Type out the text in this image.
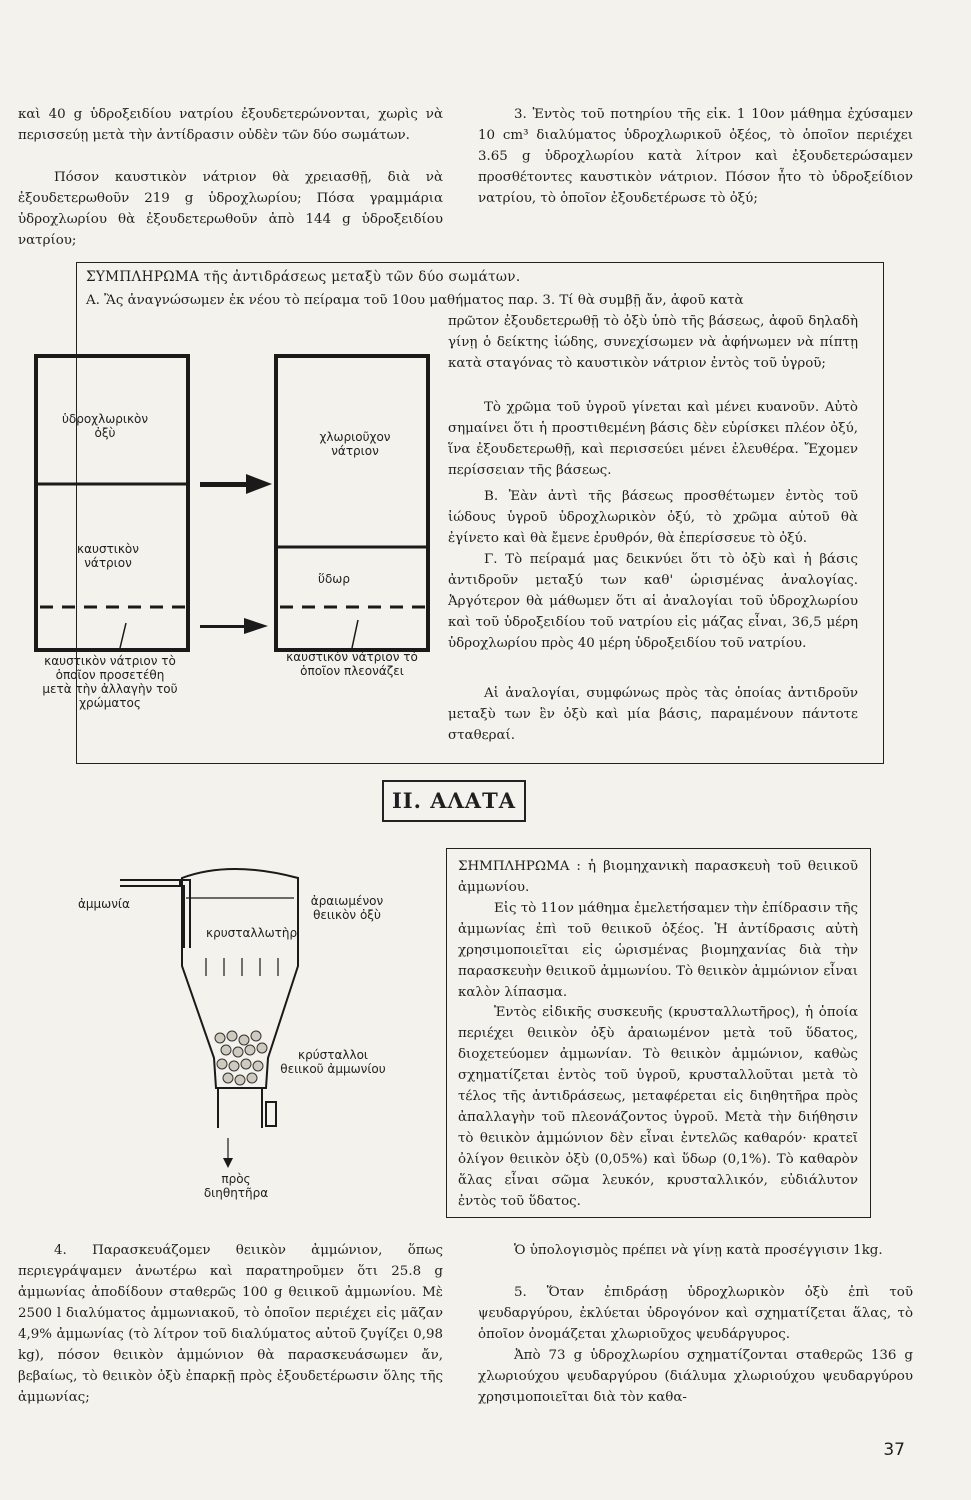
καὶ 40 g ὑδροξειδίου νατρίου ἐξουδετερώνονται, χωρὶς νὰ περισσεύῃ μετὰ τὴν ἀντίδρασιν οὐδὲν τῶν δύο σωμάτων.

Πόσον καυστικὸν νάτριον θὰ χρειασθῇ, διὰ νὰ ἐξουδετερωθοῦν 219 g ὑδροχλωρίου; Πόσα γραμμάρια ὑδροχλωρίου θὰ ἐξουδετερωθοῦν ἀπὸ 144 g ὑδροξειδίου νατρίου;

3. Ἐντὸς τοῦ ποτηρίου τῆς εἰκ. 1 10ον μάθημα ἐχύσαμεν 10 cm³ διαλύματος ὑδροχλωρικοῦ ὀξέος, τὸ ὁποῖον περιέχει 3.65 g ὑδροχλωρίου κατὰ λίτρον καὶ ἐξουδετερώσαμεν προσθέτοντες καυστικὸν νάτριον. Πόσον ἦτο τὸ ὑδροξείδιον νατρίου, τὸ ὁποῖον ἐξουδετέρωσε τὸ ὀξύ;

ΣΥΜΠΛΗΡΩΜΑ τῆς ἀντιδράσεως μεταξὺ τῶν δύο σωμάτων.

Α. Ἂς ἀναγνώσωμεν ἐκ νέου τὸ πείραμα τοῦ 10ου μαθήματος παρ. 3. Τί θὰ συμβῇ ἄν, ἀφοῦ κατὰ

πρῶτον ἐξουδετερωθῇ τὸ ὀξὺ ὑπὸ τῆς βάσεως, ἀφοῦ δηλαδὴ γίνῃ ὁ δείκτης ἰώδης, συνεχίσωμεν νὰ ἀφήνωμεν νὰ πίπτῃ κατὰ σταγόνας τὸ καυστικὸν νάτριον ἐντὸς τοῦ ὑγροῦ;

Τὸ χρῶμα τοῦ ὑγροῦ γίνεται καὶ μένει κυανοῦν. Αὐτὸ σημαίνει ὅτι ἡ προστιθεμένη βάσις δὲν εὑρίσκει πλέον ὀξύ, ἵνα ἐξουδετερωθῇ, καὶ περισσεύει μένει ἐλευθέρα. Ἔχομεν περίσσειαν τῆς βάσεως.

Β. Ἐὰν ἀντὶ τῆς βάσεως προσθέτωμεν ἐντὸς τοῦ ἰώδους ὑγροῦ ὑδροχλωρικὸν ὀξύ, τὸ χρῶμα αὐτοῦ θὰ ἐγίνετο καὶ θὰ ἔμενε ἐρυθρόν, θὰ ἐπερίσσευε τὸ ὀξύ.

Γ. Τὸ πείραμά μας δεικνύει ὅτι τὸ ὀξὺ καὶ ἡ βάσις ἀντιδροῦν μεταξύ των καθ' ὡρισμένας ἀναλογίας. Ἀργότερον θὰ μάθωμεν ὅτι αἱ ἀναλογίαι τοῦ ὑδροχλωρίου καὶ τοῦ ὑδροξειδίου τοῦ νατρίου εἰς μάζας εἶναι, 36,5 μέρη ὑδροχλωρίου πρὸς 40 μέρη ὑδροξειδίου τοῦ νατρίου.

Αἱ ἀναλογίαι, συμφώνως πρὸς τὰς ὁποίας ἀντιδροῦν μεταξὺ των ἓν ὀξὺ καὶ μία βάσις, παραμένουν πάντοτε σταθεραί.

ὑδροχλωρικὸν ὀξὺ
καυστικὸν νάτριον
χλωριοῦχον νάτριον
ὕδωρ
καυστικὸν νάτριον τὸ ὁποῖον προσετέθη μετὰ τὴν ἀλλαγὴν τοῦ χρώματος
καυστικὸν νάτριον τὸ ὁποῖον πλεονάζει
II. ΑΛΑΤΑ

ΣΗΜΠΛΗΡΩΜΑ : ἡ βιομηχανικὴ παρασκευὴ τοῦ θειικοῦ ἀμμωνίου.

Εἰς τὸ 11ον μάθημα ἐμελετήσαμεν τὴν ἐπίδρασιν τῆς ἀμμωνίας ἐπὶ τοῦ θειικοῦ ὀξέος. Ἡ ἀντίδρασις αὐτὴ χρησιμοποιεῖται εἰς ὡρισμένας βιομηχανίας διὰ τὴν παρασκευὴν θειικοῦ ἀμμωνίου. Τὸ θειικὸν ἀμμώνιον εἶναι καλὸν λίπασμα.

Ἐντὸς εἰδικῆς συσκευῆς (κρυσταλλωτῆρος), ἡ ὁποία περιέχει θειικὸν ὀξὺ ἀραιωμένον μετὰ τοῦ ὕδατος, διοχετεύομεν ἀμμωνίαν. Τὸ θειικὸν ἀμμώνιον, καθὼς σχηματίζεται ἐντὸς τοῦ ὑγροῦ, κρυσταλλοῦται μετὰ τὸ τέλος τῆς ἀντιδράσεως, μεταφέρεται εἰς διηθητῆρα πρὸς ἀπαλλαγὴν τοῦ πλεονάζοντος ὑγροῦ. Μετὰ τὴν διήθησιν τὸ θειικὸν ἀμμώνιον δὲν εἶναι ἐντελῶς καθαρόν· κρατεῖ ὀλίγον θειικὸν ὀξὺ (0,05%) καὶ ὕδωρ (0,1%). Τὸ καθαρὸν ἅλας εἶναι σῶμα λευκόν, κρυσταλλικόν, εὐδιάλυτον ἐντὸς τοῦ ὕδατος.

ἀμμωνία	ἀραιωμένον θειικὸν ὀξὺ
κρυσταλλωτὴρ
κρύσταλλοι θειικοῦ ἀμμωνίου
πρὸς διηθητῆρα

4. Παρασκευάζομεν θειικὸν ἀμμώνιον, ὅπως περιεγράψαμεν ἀνωτέρω καὶ παρατηροῦμεν ὅτι 25.8 g ἀμμωνίας ἀποδίδουν σταθερῶς 100 g θειικοῦ ἀμμωνίου. Μὲ 2500 l διαλύματος ἀμμωνιακοῦ, τὸ ὁποῖον περιέχει εἰς μᾶζαν 4,9% ἀμμωνίας (τὸ λίτρον τοῦ διαλύματος αὐτοῦ ζυγίζει 0,98 kg), πόσον θειικὸν ἀμμώνιον θὰ παρασκευάσωμεν ἄν, βεβαίως, τὸ θειικὸν ὀξὺ ἐπαρκῇ πρὸς ἐξουδετέρωσιν ὅλης τῆς ἀμμωνίας;

Ὁ ὑπολογισμὸς πρέπει νὰ γίνῃ κατὰ προσέγγισιν 1kg.

5. Ὅταν ἐπιδράσῃ ὑδροχλωρικὸν ὀξὺ ἐπὶ τοῦ ψευδαργύρου, ἐκλύεται ὑδρογόνον καὶ σχηματίζεται ἅλας, τὸ ὁποῖον ὀνομάζεται χλωριοῦχος ψευδάργυρος.

Ἀπὸ 73 g ὑδροχλωρίου σχηματίζονται σταθερῶς 136 g χλωριούχου ψευδαργύρου (διάλυμα χλωριούχου ψευδαργύρου χρησιμοποιεῖται διὰ τὸν καθα-

37
